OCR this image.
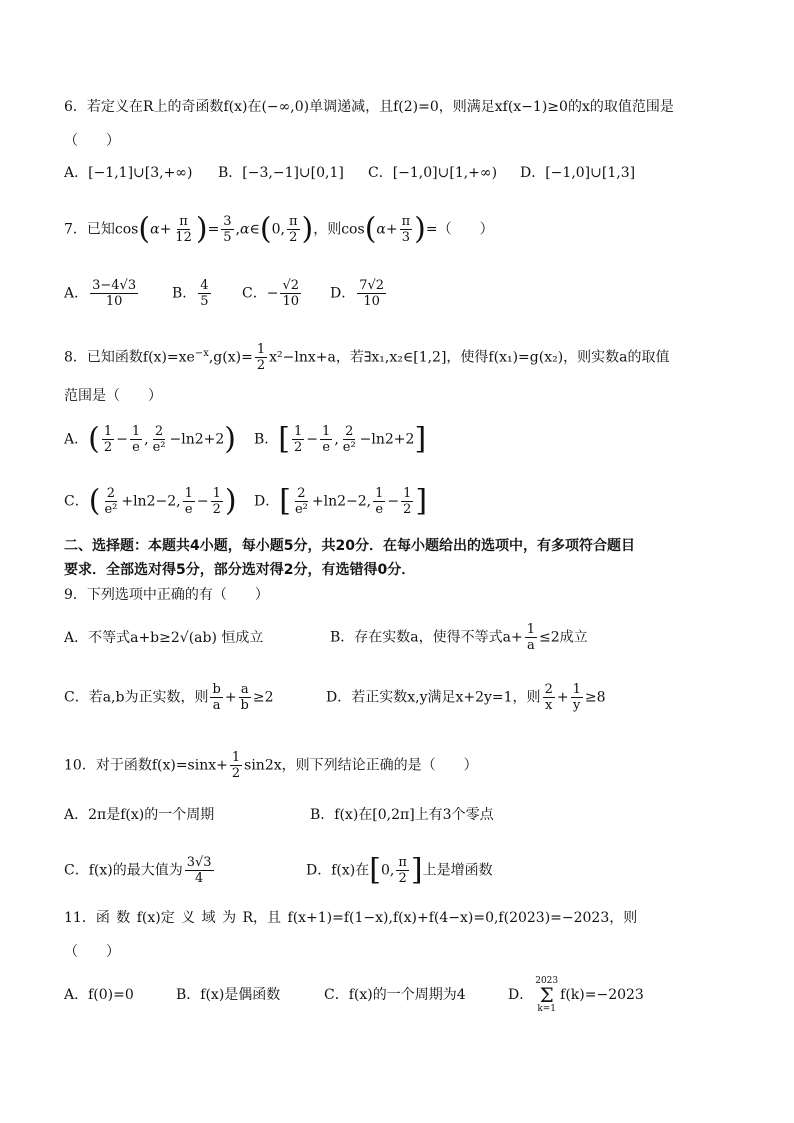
6．若定义在R上的奇函数f(x)在(−∞,0)单调递减，且f(2)=0，则满足xf(x−1)≥0的x的取值范围是
（　　）
A．[−1,1]∪[3,+∞) B．[−3,−1]∪[0,1] C．[−1,0]∪[1,+∞) D．[−1,0]∪[1,3]
7．已知$\cos(\alpha+ \frac{\pi}{12}$ )= $\frac{3}{5}$ ,α∈(0, $\frac{\pi}{2}$ )，则$\cos(\alpha+ \frac{\pi}{3}$ )=（　　）
A． $\frac{3-4√3}{10}$ B． $\frac{4}{5}$ C．− $\frac{√2}{10}$ D． $\frac{7√2}{10}$
8．已知函数$f(x)=xe^{-x},g(x)= \frac{1}{2} x^2-\ln x+a$，若∃x₁,x₂∈[1,2]，使得f(x₁)=g(x₂)，则实数a的取值
范围是（　　）
A．( $\frac{1}{2} - \frac{1}{e}$ , $\frac{2}{\text{e²}} -\ln 2+2$) B．[ $\frac{1}{2} - \frac{1}{e}$ , $\frac{2}{\text{e²}} -\ln 2+2$]
C．( $\frac{2}{\text{e²}} +\ln 2-2$, $\frac{1}{e} - \frac{1}{2}$ ) D．[ $\frac{2}{\text{e²}} +\ln 2-2$, $\frac{1}{e} - \frac{1}{2}$ ]
二、选择题：本题共4小题，每小题5分，共20分．在每小题给出的选项中，有多项符合题目
要求．全部选对得5分，部分选对得2分，有选错得0分．
9．下列选项中正确的有（　　）
A．不等式a+b≥2√(ab) 恒成立	B．存在实数a，使得不等式$a+ \frac{1}{a} \le 2$成立
C．若a,b为正实数，则 $\frac{b}{a} + \frac{a}{b} \ge 2$	D．若正实数x,y满足x+2y=1，则 $\frac{2}{x} + \frac{1}{y} \ge 8$
10．对于函数$f(x)=\sin x+ \frac{1}{2} \sin 2x$，则下列结论正确的是（　　）
A．2π是f(x)的一个周期	B．f(x)在[0,2π]上有3个零点
C．f(x)的最大值为 $\frac{3√3}{4}$	D．f(x)在[0, $\frac{\pi}{2}$ ]上是增函数
11．函 数 f(x)定 义 域 为 R，且 f(x+1)=f(1−x),f(x)+f(4−x)=0,f(2023)=−2023，则
（　　）
A．f(0)=0	B．f(x)是偶函数	C．f(x)的一个周期为4	D．
2023
Σ
k=1
f(k)=−2023
